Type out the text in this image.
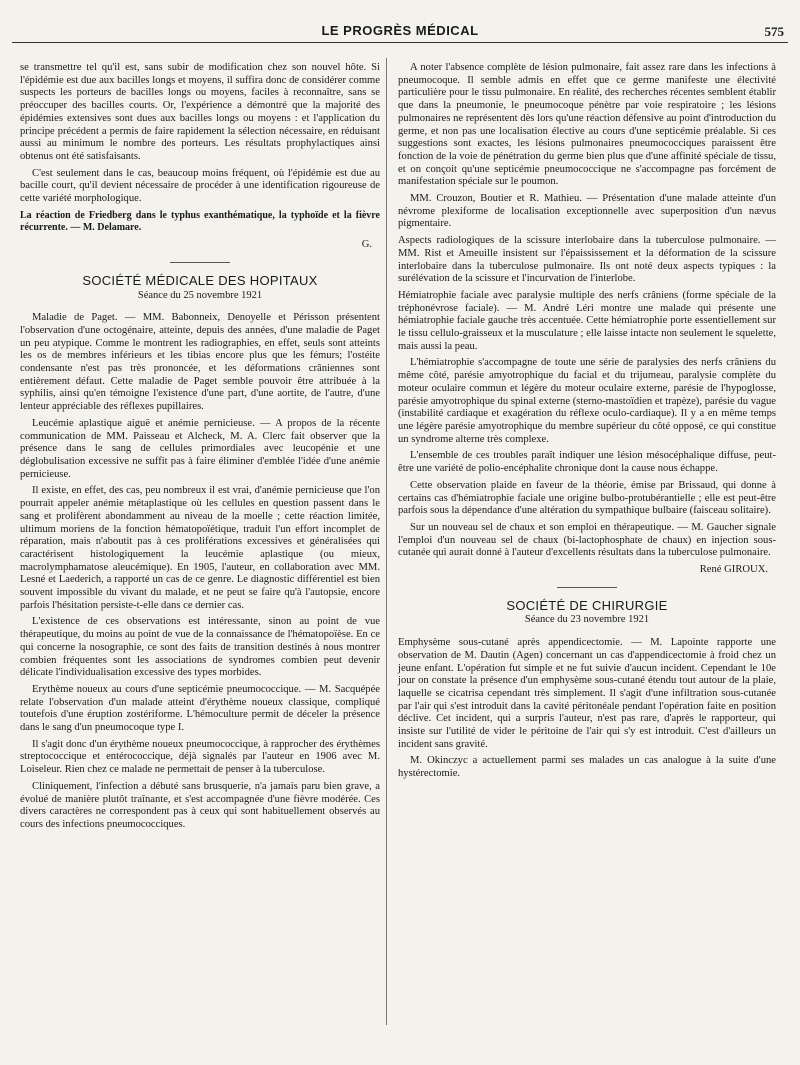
LE PROGRÈS MÉDICAL	575

se transmettre tel qu'il est, sans subir de modification chez son nouvel hôte. Si l'épidémie est due aux bacilles longs et moyens, il suffira donc de considérer comme suspects les porteurs de bacilles longs ou moyens, faciles à reconnaître, sans se préoccuper des bacilles courts. Or, l'expérience a démontré que la majorité des épidémies extensives sont dues aux bacilles longs ou moyens : et l'application du principe précédent a permis de faire rapidement la sélection nécessaire, en réduisant aussi au minimum le nombre des porteurs. Les résultats prophylactiques ainsi obtenus ont été satisfaisants.

C'est seulement dans le cas, beaucoup moins fréquent, où l'épidémie est due au bacille court, qu'il devient nécessaire de procéder à une identification rigoureuse de cette variété morphologique.

La réaction de Friedberg dans le typhus exanthématique, la typhoïde et la fièvre récurrente. — M. Delamare.

G.
SOCIÉTÉ MÉDICALE DES HOPITAUX
Séance du 25 novembre 1921

Maladie de Paget. — MM. Babonneix, Denoyelle et Périsson présentent l'observation d'une octogénaire, atteinte, depuis des années, d'une maladie de Paget un peu atypique. Comme le montrent les radiographies, en effet, seuls sont atteints les os de membres inférieurs et les tibias encore plus que les fémurs; l'ostéite condensante n'est pas très prononcée, et les déformations crâniennes sont entièrement défaut. Cette maladie de Paget semble pouvoir être attribuée à la syphilis, ainsi qu'en témoigne l'existence d'une part, d'une aortite, de l'autre, d'une lenteur appréciable des réflexes pupillaires.

Leucémie aplastique aiguë et anémie pernicieuse. — A propos de la récente communication de MM. Paisseau et Alcheck, M. A. Clerc fait observer que la présence dans le sang de cellules primordiales avec leucopénie et une déglobulisation excessive ne suffit pas à faire éliminer d'emblée l'idée d'une anémie pernicieuse.

Il existe, en effet, des cas, peu nombreux il est vrai, d'anémie pernicieuse que l'on pourrait appeler anémie métaplastique où les cellules en question passent dans le sang et prolifèrent abondamment au niveau de la moelle ; cette réaction limitée, ultimum moriens de la fonction hématopoïétique, traduit l'un effort incomplet de réparation, mais n'aboutit pas à ces proliférations excessives et généralisées qui caractérisent histologiquement la leucémie aplastique (ou mieux, macrolymphamatose aleucémique). En 1905, l'auteur, en collaboration avec MM. Lesné et Laederich, a rapporté un cas de ce genre. Le diagnostic différentiel est bien souvent impossible du vivant du malade, et ne peut se faire qu'à l'autopsie, encore parfois l'hésitation persiste-t-elle dans ce dernier cas.

L'existence de ces observations est intéressante, sinon au point de vue thérapeutique, du moins au point de vue de la connaissance de l'hématopoïèse. En ce qui concerne la nosographie, ce sont des faits de transition destinés à nous montrer combien fréquentes sont les associations de syndromes combien peut devenir délicate l'individualisation excessive des types morbides.

Erythème noueux au cours d'une septicémie pneumococcique. — M. Sacquépée relate l'observation d'un malade atteint d'érythème noueux classique, compliqué toutefois d'une éruption zostériforme. L'hémoculture permit de déceler la présence dans le sang d'un pneumocoque type I.

Il s'agit donc d'un érythème noueux pneumococcique, à rapprocher des érythèmes streptococcique et entérococcique, déjà signalés par l'auteur en 1906 avec M. Loiseleur. Rien chez ce malade ne permettait de penser à la tuberculose.

Cliniquement, l'infection a débuté sans brusquerie, n'a jamais paru bien grave, a évolué de manière plutôt traînante, et s'est accompagnée d'une fièvre modérée. Ces divers caractères ne correspondent pas à ceux qui sont habituellement observés au cours des infections pneumococciques.

A noter l'absence complète de lésion pulmonaire, fait assez rare dans les infections à pneumocoque. Il semble admis en effet que ce germe manifeste une électivité particulière pour le tissu pulmonaire. En réalité, des recherches récentes semblent établir que dans la pneumonie, le pneumocoque pénètre par voie respiratoire ; les lésions pulmonaires ne représentent dès lors qu'une réaction défensive au point d'introduction du germe, et non pas une localisation élective au cours d'une septicémie préalable. Si ces suggestions sont exactes, les lésions pulmonaires pneumococciques paraissent être fonction de la voie de pénétration du germe bien plus que d'une affinité spéciale de tissu, et on conçoit qu'une septicémie pneumococcique ne s'accompagne pas forcément de manifestation spéciale sur le poumon.

MM. Crouzon, Boutier et R. Mathieu. — Présentation d'une malade atteinte d'un névrome plexiforme de localisation exceptionnelle avec superposition d'un nævus pigmentaire.

Aspects radiologiques de la scissure interlobaire dans la tuberculose pulmonaire. — MM. Rist et Ameuille insistent sur l'épaississement et la déformation de la scissure interlobaire dans la tuberculose pulmonaire. Ils ont noté deux aspects typiques : la surélévation de la scissure et l'incurvation de l'interlobe.

Hémiatrophie faciale avec paralysie multiple des nerfs crâniens (forme spéciale de la tréphonévrose faciale). — M. André Léri montre une malade qui présente une hémiatrophie faciale gauche très accentuée. Cette hémiatrophie porte essentiellement sur le tissu cellulo-graisseux et la musculature ; elle laisse intacte non seulement le squelette, mais aussi la peau.

L'hémiatrophie s'accompagne de toute une série de paralysies des nerfs crâniens du même côté, parésie amyotrophique du facial et du trijumeau, paralysie complète du moteur oculaire commun et légère du moteur oculaire externe, parésie de l'hypoglosse, parésie amyotrophique du spinal externe (sterno-mastoïdien et trapèze), parésie du vague (instabilité cardiaque et exagération du réflexe oculo-cardiaque). Il y a en même temps une légère parésie amyotrophique du membre supérieur du côté opposé, ce qui constitue un syndrome alterne très complexe.

L'ensemble de ces troubles paraît indiquer une lésion mésocéphalique diffuse, peut-être une variété de polio-encéphalite chronique dont la cause nous échappe.

Cette observation plaide en faveur de la théorie, émise par Brissaud, qui donne à certains cas d'hémiatrophie faciale une origine bulbo-protubérantielle ; elle est peut-être parfois sous la dépendance d'une altération du sympathique bulbaire (faisceau solitaire).

Sur un nouveau sel de chaux et son emploi en thérapeutique. — M. Gaucher signale l'emploi d'un nouveau sel de chaux (bi-lactophosphate de chaux) en injection sous-cutanée qui aurait donné à l'auteur d'excellents résultats dans la tuberculose pulmonaire.

René GIROUX.
SOCIÉTÉ DE CHIRURGIE
Séance du 23 novembre 1921

Emphysème sous-cutané après appendicectomie. — M. Lapointe rapporte une observation de M. Dautin (Agen) concernant un cas d'appendicectomie à froid chez un jeune enfant. L'opération fut simple et ne fut suivie d'aucun incident. Cependant le 10e jour on constate la présence d'un emphysème sous-cutané étendu tout autour de la plaie, laquelle se cicatrisa cependant très simplement. Il s'agit d'une infiltration sous-cutanée par l'air qui s'est introduit dans la cavité péritonéale pendant l'opération faite en position déclive. Cet incident, qui a surpris l'auteur, n'est pas rare, d'après le rapporteur, qui insiste sur l'utilité de vider le péritoine de l'air qui s'y est introduit. C'est d'ailleurs un incident sans gravité.

M. Okinczyc a actuellement parmi ses malades un cas analogue à la suite d'une hystérectomie.
